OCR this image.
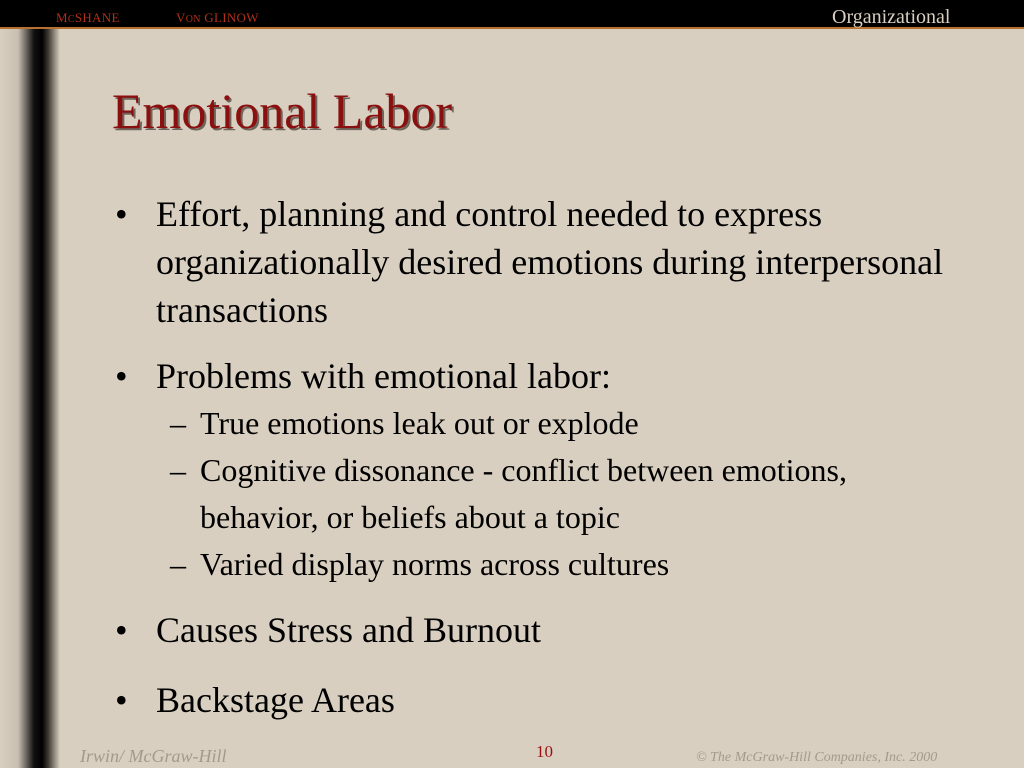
MCSHANE	VON GLINOW	Organizational
BEHAVIOR
Emotional Labor
• Effort, planning and control needed to express organizationally desired emotions during interpersonal transactions
• Problems with emotional labor:
– True emotions leak out or explode
– Cognitive dissonance - conflict between emotions, behavior, or beliefs about a topic
– Varied display norms across cultures
• Causes Stress and Burnout
• Backstage Areas
Irwin/ McGraw-Hill	10	© The McGraw-Hill Companies, Inc. 2000
